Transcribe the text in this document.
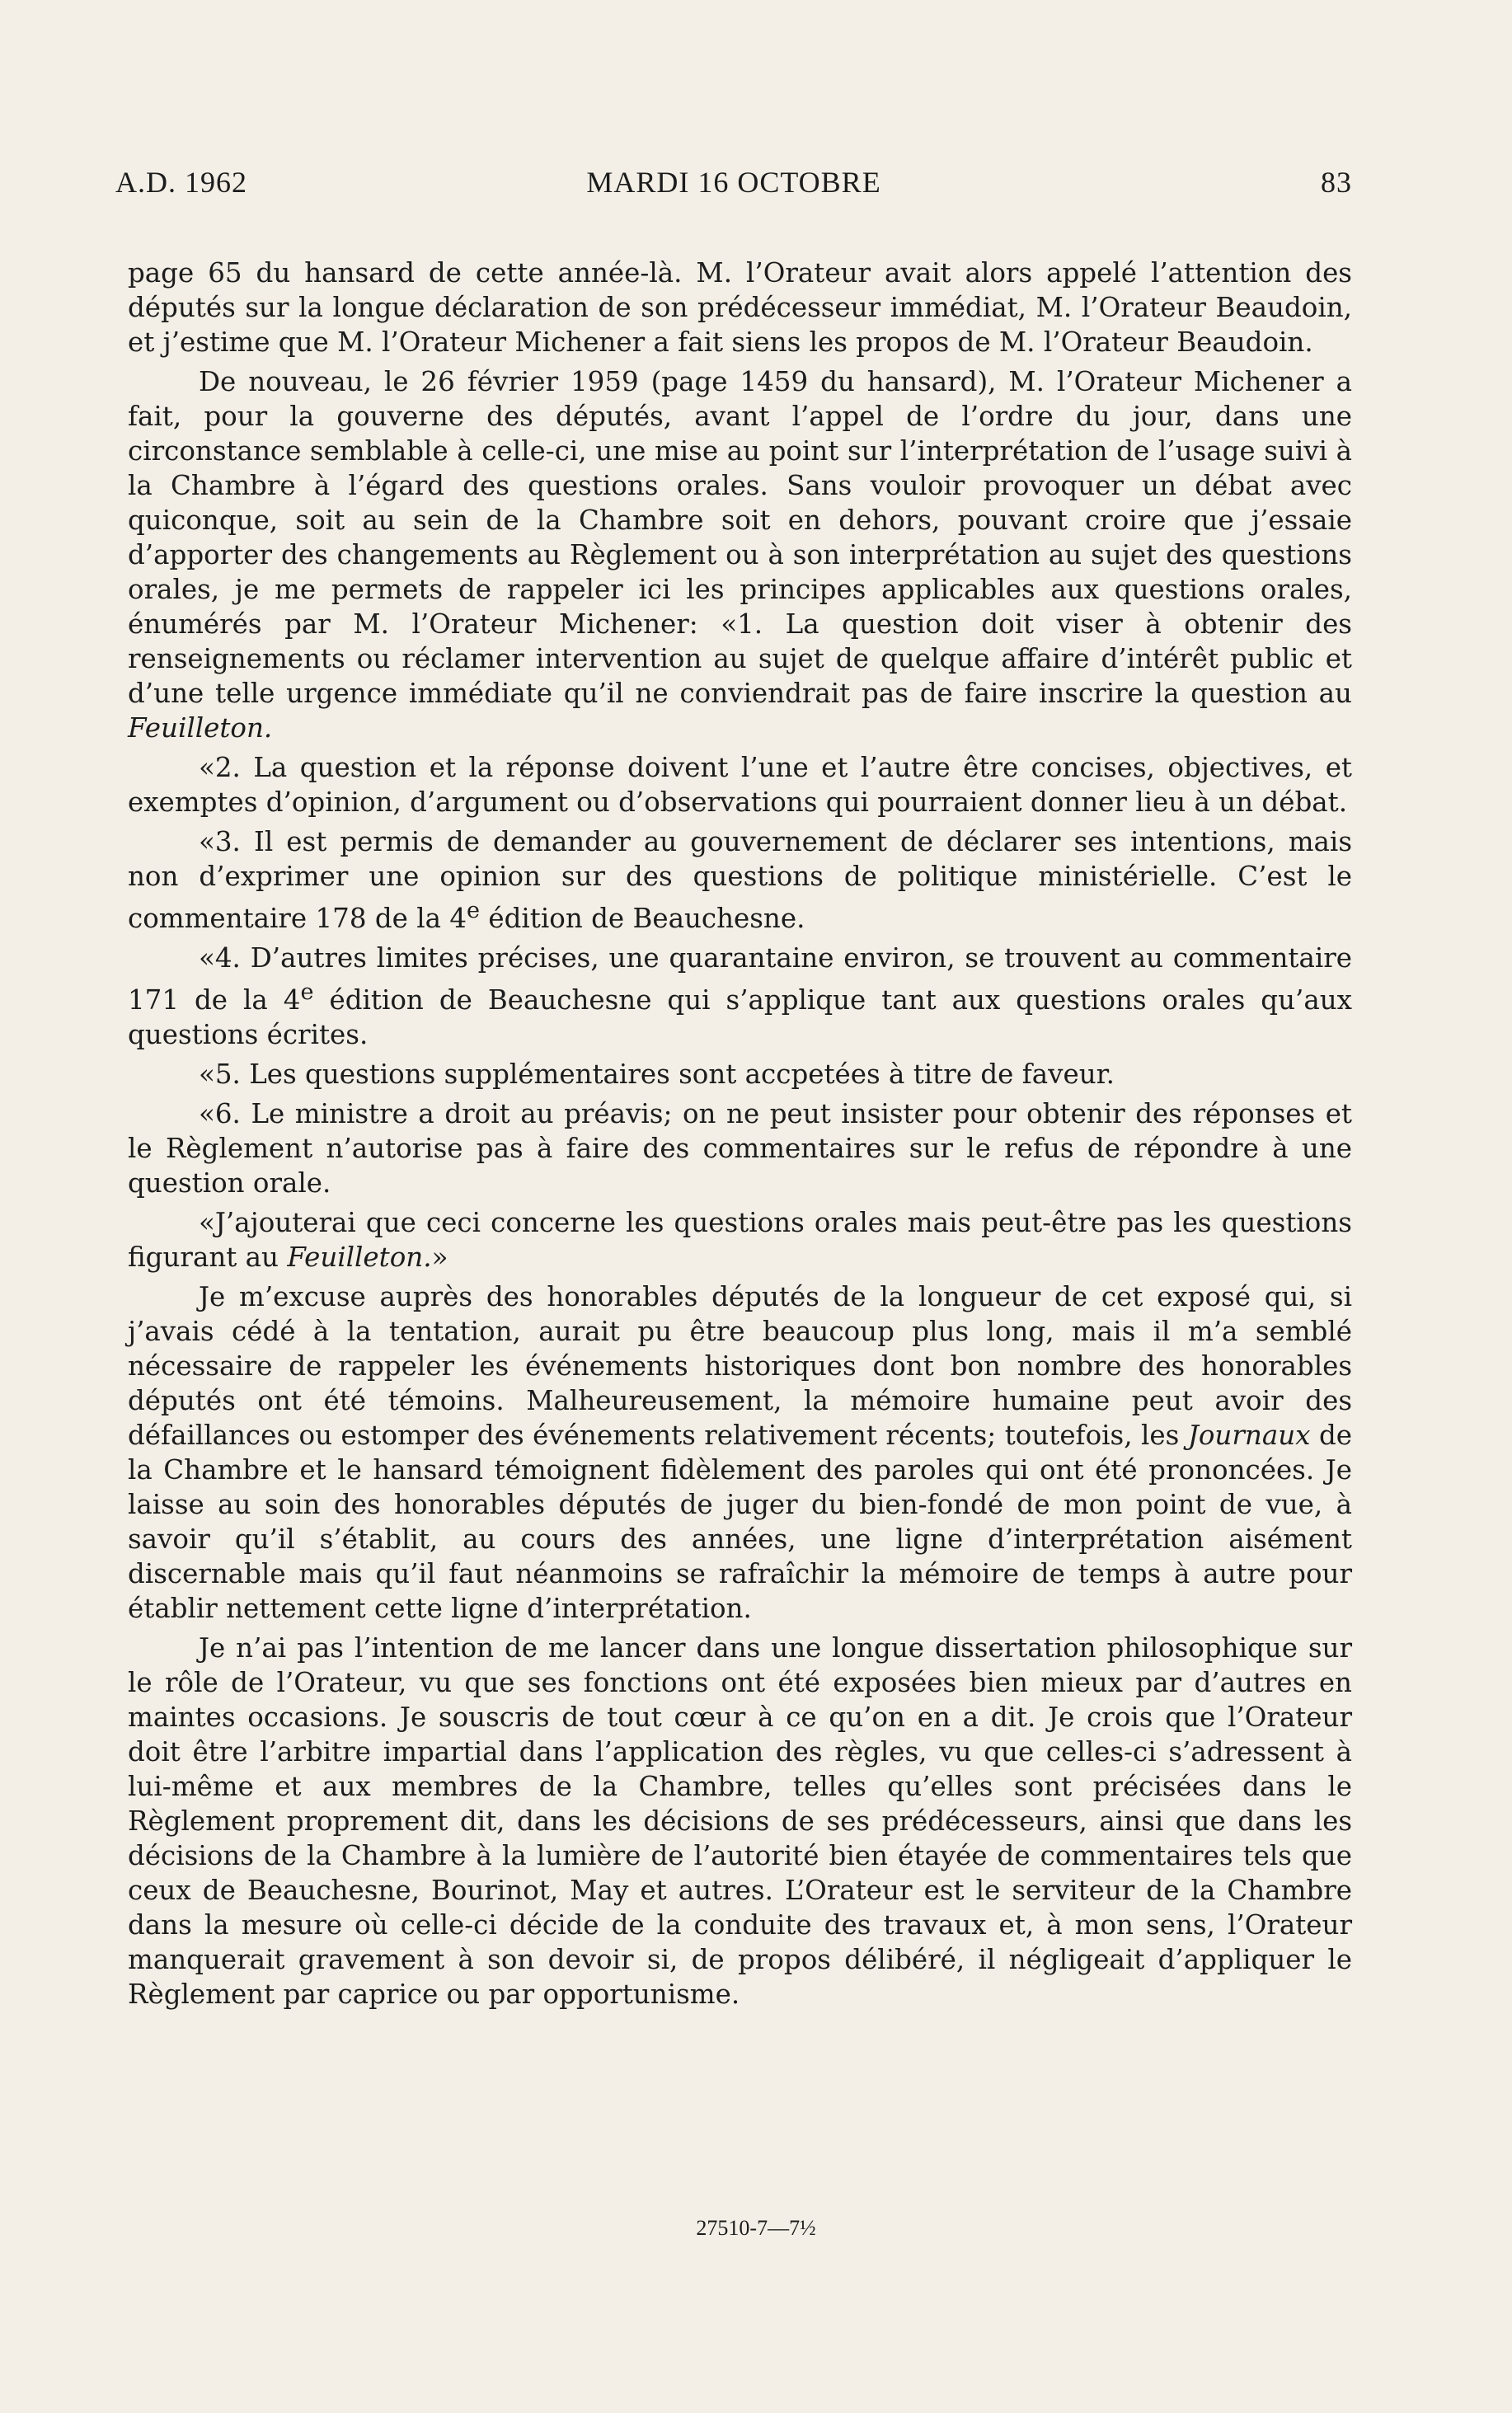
A.D. 1962	MARDI 16 OCTOBRE	83

page 65 du hansard de cette année-là. M. l’Orateur avait alors appelé l’attention des députés sur la longue déclaration de son prédécesseur immédiat, M. l’Orateur Beaudoin, et j’estime que M. l’Orateur Michener a fait siens les propos de M. l’Orateur Beaudoin.

De nouveau, le 26 février 1959 (page 1459 du hansard), M. l’Orateur Michener a fait, pour la gouverne des députés, avant l’appel de l’ordre du jour, dans une circonstance semblable à celle-ci, une mise au point sur l’interprétation de l’usage suivi à la Chambre à l’égard des questions orales. Sans vouloir provoquer un débat avec quiconque, soit au sein de la Chambre soit en dehors, pouvant croire que j’essaie d’apporter des changements au Règlement ou à son interprétation au sujet des questions orales, je me permets de rappeler ici les principes applicables aux questions orales, énumérés par M. l’Orateur Michener: «1. La question doit viser à obtenir des renseignements ou réclamer intervention au sujet de quelque affaire d’intérêt public et d’une telle urgence immédiate qu’il ne conviendrait pas de faire inscrire la question au Feuilleton.

«2. La question et la réponse doivent l’une et l’autre être concises, objectives, et exemptes d’opinion, d’argument ou d’observations qui pourraient donner lieu à un débat.

«3. Il est permis de demander au gouvernement de déclarer ses intentions, mais non d’exprimer une opinion sur des questions de politique ministérielle. C’est le commentaire 178 de la 4e édition de Beauchesne.

«4. D’autres limites précises, une quarantaine environ, se trouvent au commentaire 171 de la 4e édition de Beauchesne qui s’applique tant aux questions orales qu’aux questions écrites.

«5. Les questions supplémentaires sont accpetées à titre de faveur.

«6. Le ministre a droit au préavis; on ne peut insister pour obtenir des réponses et le Règlement n’autorise pas à faire des commentaires sur le refus de répondre à une question orale.

«J’ajouterai que ceci concerne les questions orales mais peut-être pas les questions figurant au Feuilleton.»

Je m’excuse auprès des honorables députés de la longueur de cet exposé qui, si j’avais cédé à la tentation, aurait pu être beaucoup plus long, mais il m’a semblé nécessaire de rappeler les événements historiques dont bon nombre des honorables députés ont été témoins. Malheureusement, la mémoire humaine peut avoir des défaillances ou estomper des événements relativement récents; toutefois, les Journaux de la Chambre et le hansard témoignent fidèlement des paroles qui ont été prononcées. Je laisse au soin des honorables députés de juger du bien-fondé de mon point de vue, à savoir qu’il s’établit, au cours des années, une ligne d’interprétation aisément discernable mais qu’il faut néanmoins se rafraîchir la mémoire de temps à autre pour établir nettement cette ligne d’interprétation.

Je n’ai pas l’intention de me lancer dans une longue dissertation philosophique sur le rôle de l’Orateur, vu que ses fonctions ont été exposées bien mieux par d’autres en maintes occasions. Je souscris de tout cœur à ce qu’on en a dit. Je crois que l’Orateur doit être l’arbitre impartial dans l’application des règles, vu que celles-ci s’adressent à lui-même et aux membres de la Chambre, telles qu’elles sont précisées dans le Règlement proprement dit, dans les décisions de ses prédécesseurs, ainsi que dans les décisions de la Chambre à la lumière de l’autorité bien étayée de commentaires tels que ceux de Beauchesne, Bourinot, May et autres. L’Orateur est le serviteur de la Chambre dans la mesure où celle-ci décide de la conduite des travaux et, à mon sens, l’Orateur manquerait gravement à son devoir si, de propos délibéré, il négligeait d’appliquer le Règlement par caprice ou par opportunisme.

27510-7—7½
